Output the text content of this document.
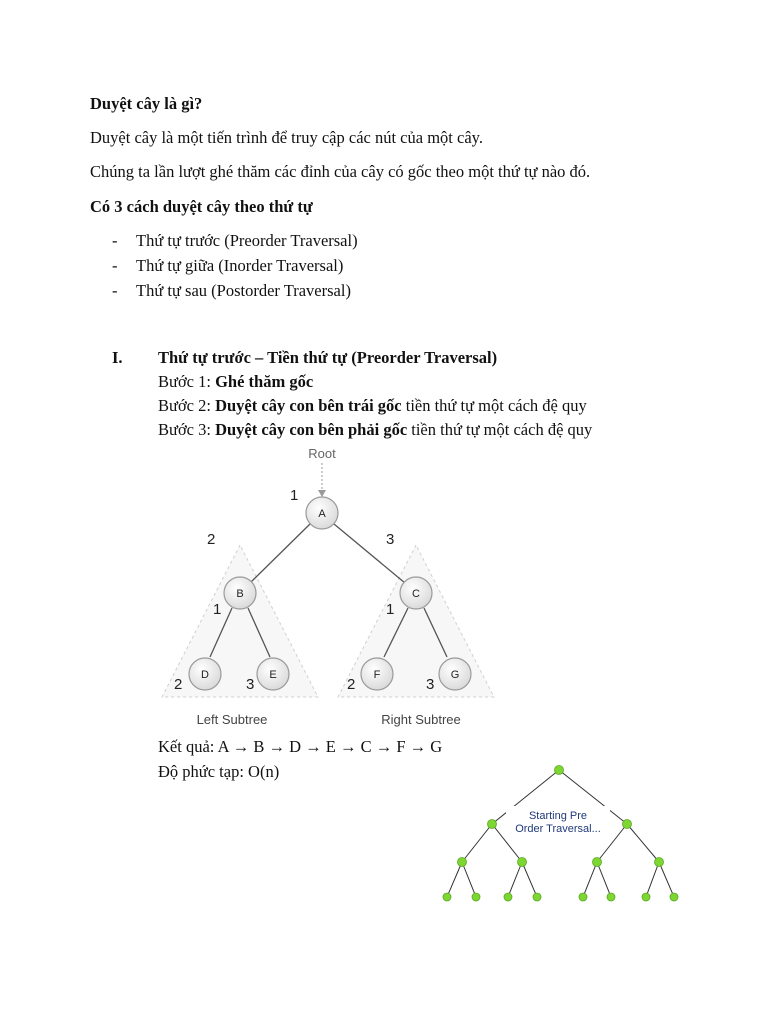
Duyệt cây là gì?
Duyệt cây là một tiến trình để truy cập các nút của một cây.
Chúng ta lần lượt ghé thăm các đỉnh của cây có gốc theo một thứ tự nào đó.
Có 3 cách duyệt cây theo thứ tự
- Thứ tự trước (Preorder Traversal)
- Thứ tự giữa (Inorder Traversal)
- Thứ tự sau (Postorder Traversal)
I. Thứ tự trước – Tiền thứ tự (Preorder Traversal)
Bước 1: Ghé thăm gốc
Bước 2: Duyệt cây con bên trái gốc tiền thứ tự một cách đệ quy
Bước 3: Duyệt cây con bên phải gốc tiền thứ tự một cách đệ quy
A
B	C
D	E	F	G
Root
1
2	3
1
2	3
1
2	3
Left Subtree	Right Subtree
Starting Pre
Order Traversal...
Kết quả: A → B → D → E → C → F → G
Độ phức tạp: O(n)
